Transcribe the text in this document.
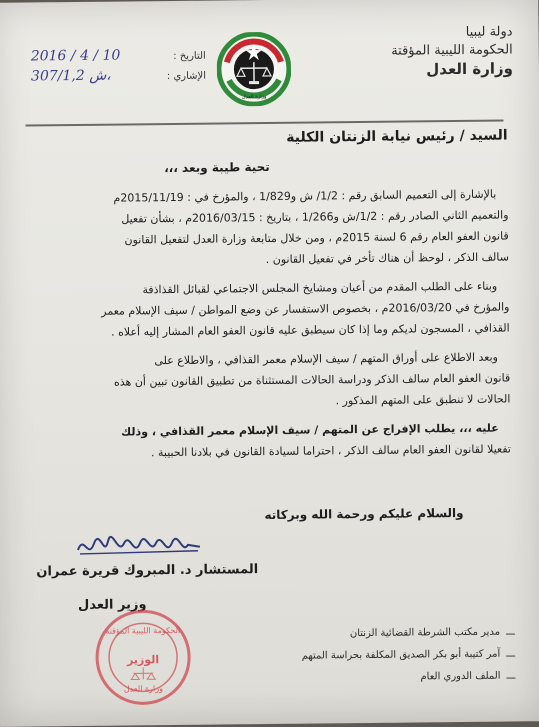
دولة ليبيا
الحكومة الليبية المؤقتة
وزارة العدل
وزارة العدل
التاريخ :
2016 / 4 / 10
الإشاري :
307/1,2 ش،
السيد / رئيس نيابة الزنتان الكلية
تحية طيبة وبعد ،،،
بالإشارة إلى التعميم السابق رقم : 1/2/ ش و1/829 ، والمؤرخ في : 2015/11/19م
والتعميم الثاني الصادر رقم : 1/2/ش و1/266 ، بتاريخ : 2016/03/15م ، بشأن تفعيل
قانون العفو العام رقم 6 لسنة 2015م ، ومن خلال متابعة وزارة العدل لتفعيل القانون
سالف الذكر ، لوحظ أن هناك تأخر في تفعيل القانون .
وبناء على الطلب المقدم من أعيان ومشايخ المجلس الاجتماعي لقبائل القذاذفة
والمؤرخ في 2016/03/20م ، بخصوص الاستفسار عن وضع المواطن / سيف الإسلام معمر
القذافي ، المسجون لديكم وما إذا كان سيطبق عليه قانون العفو العام المشار إليه أعلاه .
وبعد الاطلاع على أوراق المتهم / سيف الإسلام معمر القذافي ، والاطلاع على
قانون العفو العام سالف الذكر ودراسة الحالات المستثناة من تطبيق القانون تبين أن هذه
الحالات لا تنطبق على المتهم المذكور .
عليه ،،، يطلب الإفراج عن المتهم / سيف الإسلام معمر القذافي ، وذلك
تفعيلا لقانون العفو العام سالف الذكر ، احتراما لسيادة القانون في بلادنا الحبيبة .
والسلام عليكم ورحمة الله وبركاته
المستشار د. المبروك قريرة عمران
وزير العدل
الحكومة الليبية المؤقتة
الوزير
وزارة العدل
ـــمدير مكتب الشرطة القضائية الزنتان
ـــآمر كتيبة أبو بكر الصديق المكلفة بحراسة المتهم
ـــالملف الدوري العام
